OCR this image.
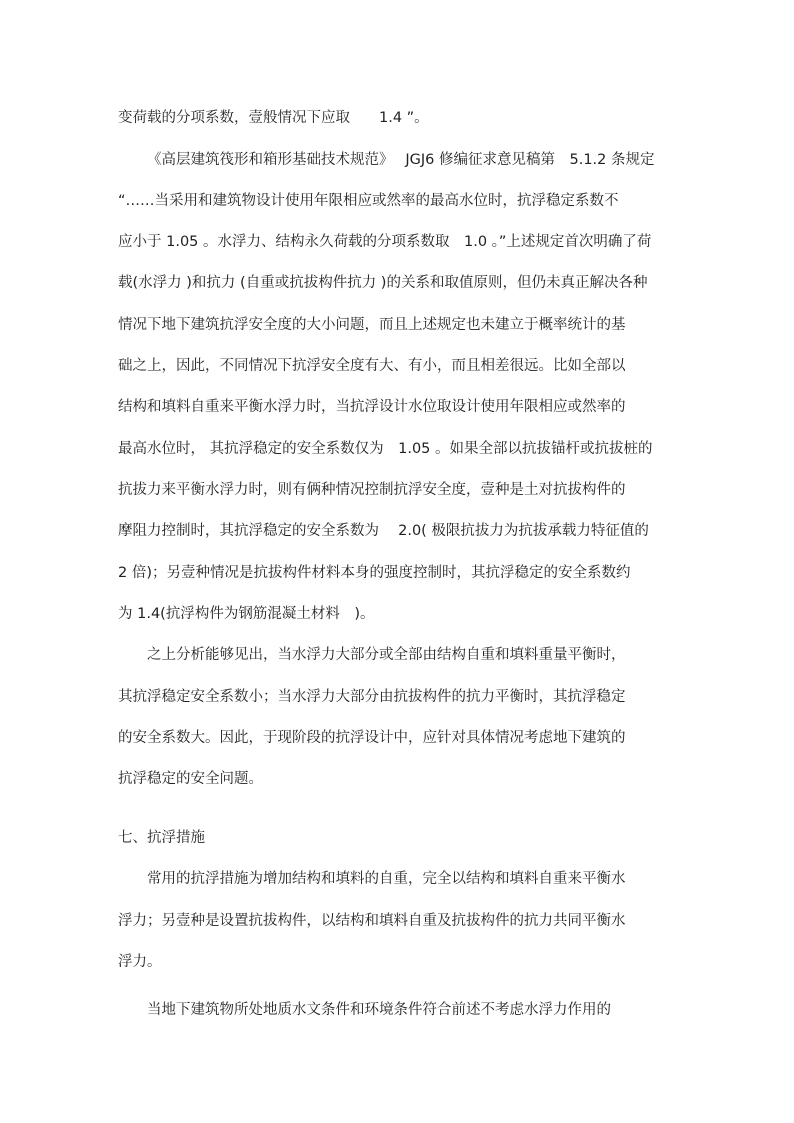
变荷载的分项系数，壹般情况下应取　　1.4 ”。
《高层建筑筏形和箱形基础技术规范》　 JGJ6 修编征求意见稿第　5.1.2 条规定
“……当采用和建筑物设计使用年限相应或然率的最高水位时，抗浮稳定系数不
应小于 1.05 。水浮力、结构永久荷载的分项系数取　1.0 。”上述规定首次明确了荷
载(水浮力 )和抗力 (自重或抗拔构件抗力 )的关系和取值原则，但仍未真正解决各种
情况下地下建筑抗浮安全度的大小问题，而且上述规定也未建立于概率统计的基
础之上，因此，不同情况下抗浮安全度有大、有小，而且相差很远。比如全部以
结构和填料自重来平衡水浮力时，当抗浮设计水位取设计使用年限相应或然率的
最高水位时， 其抗浮稳定的安全系数仅为　1.05 。如果全部以抗拔锚杆或抗拔桩的
抗拔力来平衡水浮力时，则有俩种情况控制抗浮安全度，壹种是土对抗拔构件的
摩阻力控制时，其抗浮稳定的安全系数为　 2.0( 极限抗拔力为抗拔承载力特征值的
2 倍)；另壹种情况是抗拔构件材料本身的强度控制时，其抗浮稳定的安全系数约
为 1.4(抗浮构件为钢筋混凝土材料　)。
之上分析能够见出，当水浮力大部分或全部由结构自重和填料重量平衡时，
其抗浮稳定安全系数小；当水浮力大部分由抗拔构件的抗力平衡时，其抗浮稳定
的安全系数大。因此，于现阶段的抗浮设计中，应针对具体情况考虑地下建筑的
抗浮稳定的安全问题。
七、抗浮措施
常用的抗浮措施为增加结构和填料的自重，完全以结构和填料自重来平衡水
浮力；另壹种是设置抗拔构件，以结构和填料自重及抗拔构件的抗力共同平衡水
浮力。
当地下建筑物所处地质水文条件和环境条件符合前述不考虑水浮力作用的
